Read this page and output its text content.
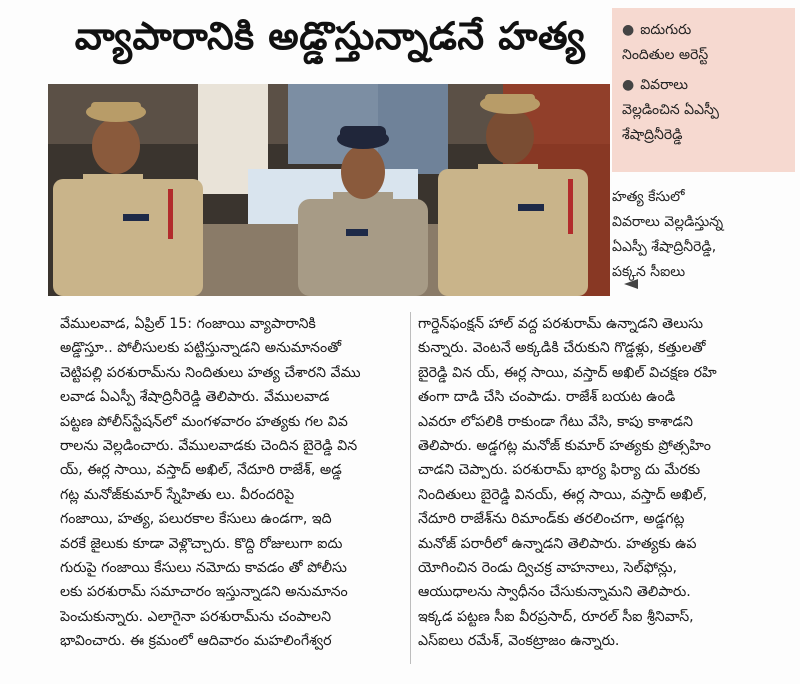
వ్యాపారానికి అడ్డొస్తున్నాడనే హత్య	● ఐదుగురు
నిందితుల అరెస్ట్
● వివరాలు
వెల్లడించిన ఏఎస్పీ
శేషాద్రినీరెడ్డి
హత్య కేసులో
వివరాలు వెల్లడిస్తున్న
ఏఎస్పీ శేషాద్రినీరెడ్డి,
పక్కన సీఐలు
వేములవాడ, ఏప్రిల్ 15: గంజాయి వ్యాపారానికి
అడ్డొస్తూ.. పోలీసులకు పట్టిస్తున్నాడని అనుమానంతో
చెట్టిపల్లి పరశురామ్‌ను నిందితులు హత్య చేశారని వేము
లవాడ ఏఎస్పీ శేషాద్రినీరెడ్డి తెలిపారు. వేములవాడ
పట్టణ పోలీస్‌స్టేషన్‌లో మంగళవారం హత్యకు గల వివ
రాలను వెల్లడించారు. వేములవాడకు చెందిన బైరెడ్డి విన
య్, ఈర్ల సాయి, వస్తాద్ అఖిల్, నేదూరి రాజేశ్, అడ్డ
గట్ల మనోజ్‌కుమార్ స్నేహితు లు. వీరందరిపై
గంజాయి, హత్య, పలురకాల కేసులు ఉండగా, ఇది
వరకే జైలుకు కూడా వెళ్లొచ్చారు. కొద్ది రోజులుగా ఐదు
గురుపై గంజాయి కేసులు నమోదు కావడం తో పోలీసు
లకు పరశురామ్ సమాచారం ఇస్తున్నాడని అనుమానం
పెంచుకున్నారు. ఎలాగైనా పరశురామ్‌ను చంపాలని
భావించారు. ఈ క్రమంలో ఆదివారం మహలింగేశ్వర
గార్డెన్‌ఫంక్షన్ హాల్ వద్ద పరశురామ్ ఉన్నాడని తెలుసు
కున్నారు. వెంటనే అక్కడికి చేరుకుని గొడ్డళ్లు, కత్తులతో
బైరెడ్డి విన య్, ఈర్ల సాయి, వస్తాద్ అఖిల్ విచక్షణ రహి
తంగా దాడి చేసి చంపాడు. రాజేశ్ బయట ఉండి
ఎవరూ లోపలికి రాకుండా గేటు వేసి, కాపు కాశాడని
తెలిపారు. అడ్డగట్ల మనోజ్ కుమార్ హత్యకు ప్రోత్సహిం
చాడని చెప్పారు. పరశురామ్ భార్య ఫిర్యా దు మేరకు
నిందితులు బైరెడ్డి వినయ్, ఈర్ల సాయి, వస్తాద్ అఖిల్,
నేదూరి రాజేశ్‌ను రిమాండ్‌కు తరలించగా, అడ్డగట్ల
మనోజ్ పరారీలో ఉన్నాడని తెలిపారు. హత్యకు ఉప
యోగించిన రెండు ద్విచక్ర వాహనాలు, సెల్‌ఫోన్లు,
ఆయుధాలను స్వాధీనం చేసుకున్నామని తెలిపారు.
ఇక్కడ పట్టణ సీఐ వీరప్రసాద్, రూరల్ సీఐ శ్రీనివాస్,
ఎస్ఐలు రమేశ్, వెంకట్రాజం ఉన్నారు.
